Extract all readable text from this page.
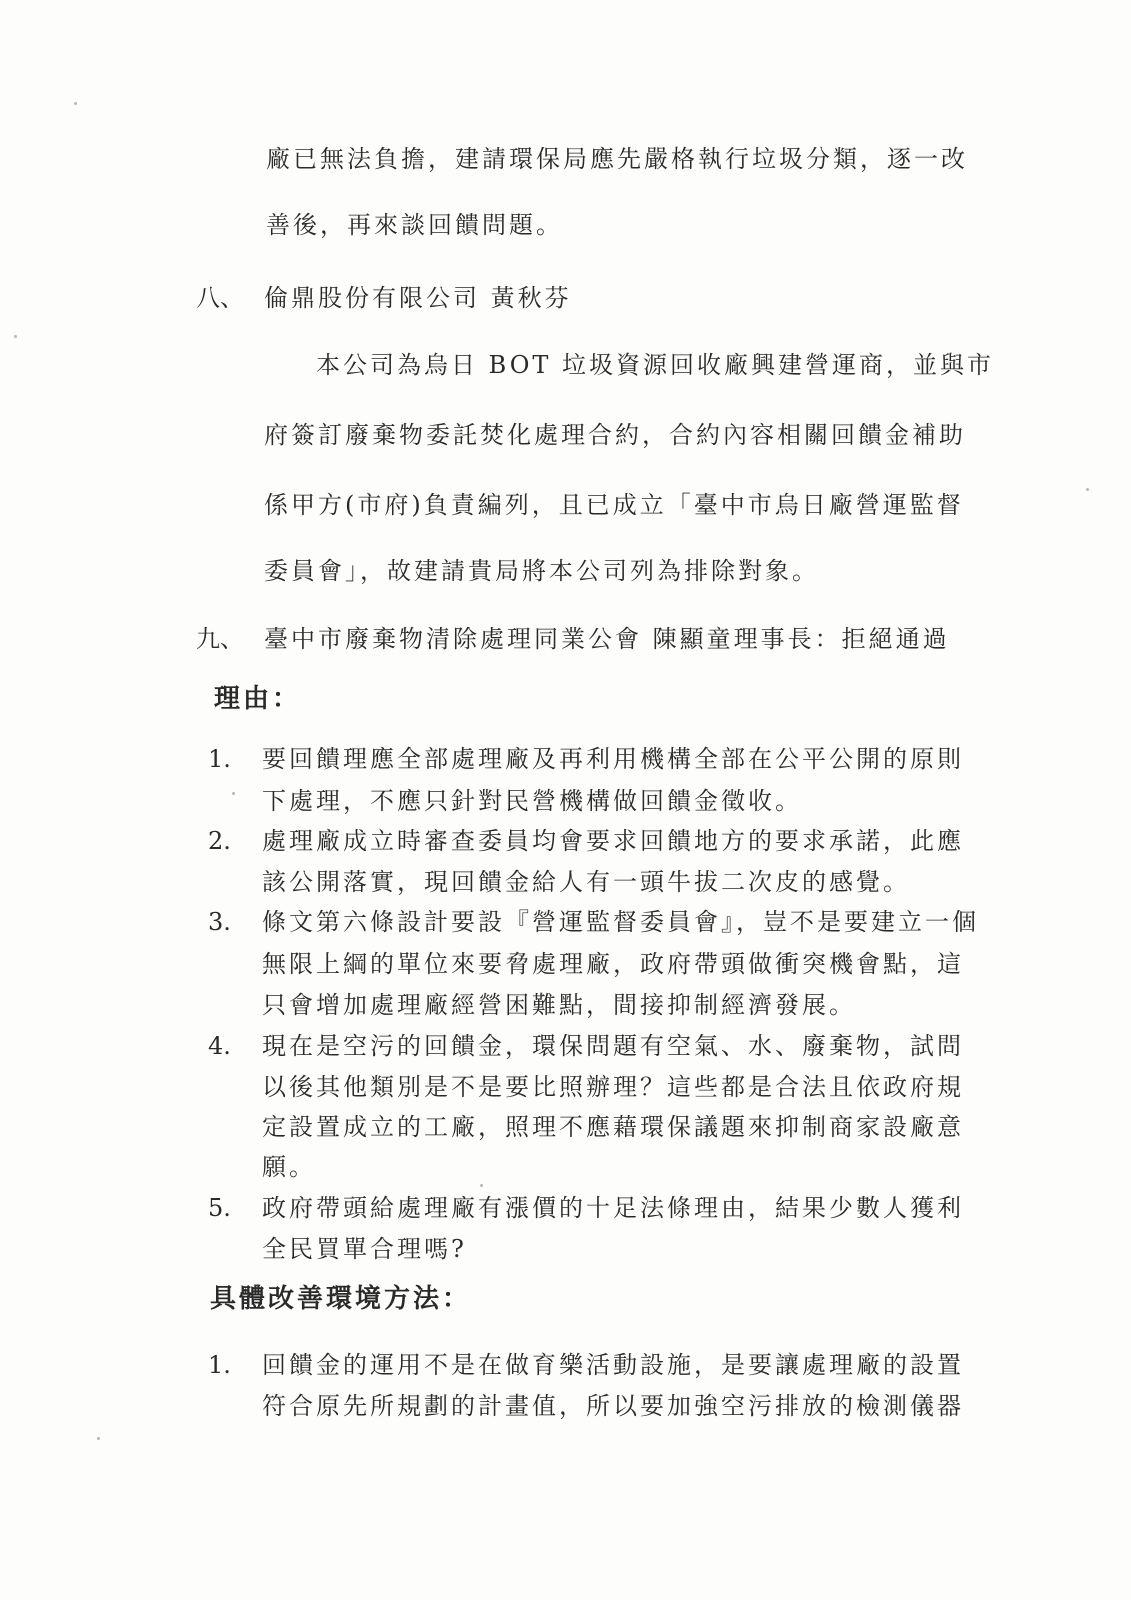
廠已無法負擔，建請環保局應先嚴格執行垃圾分類，逐一改
善後，再來談回饋問題。
八、 倫鼎股份有限公司 黃秋芬
本公司為烏日 BOT 垃圾資源回收廠興建營運商，並與市
府簽訂廢棄物委託焚化處理合約，合約內容相關回饋金補助
係甲方(市府)負責編列，且已成立「臺中市烏日廠營運監督
委員會」，故建請貴局將本公司列為排除對象。
九、 臺中市廢棄物清除處理同業公會 陳顯童理事長：拒絕通過
理由：
1. 要回饋理應全部處理廠及再利用機構全部在公平公開的原則
下處理，不應只針對民營機構做回饋金徵收。
2. 處理廠成立時審查委員均會要求回饋地方的要求承諾，此應
該公開落實，現回饋金給人有一頭牛拔二次皮的感覺。
3. 條文第六條設計要設『營運監督委員會』，豈不是要建立一個
無限上綱的單位來要脅處理廠，政府帶頭做衝突機會點，這
只會增加處理廠經營困難點，間接抑制經濟發展。
4. 現在是空污的回饋金，環保問題有空氣、水、廢棄物，試問
以後其他類別是不是要比照辦理？這些都是合法且依政府規
定設置成立的工廠，照理不應藉環保議題來抑制商家設廠意
願。
5. 政府帶頭給處理廠有漲價的十足法條理由，結果少數人獲利
全民買單合理嗎?
具體改善環境方法：
1. 回饋金的運用不是在做育樂活動設施，是要讓處理廠的設置
符合原先所規劃的計畫值，所以要加強空污排放的檢測儀器
